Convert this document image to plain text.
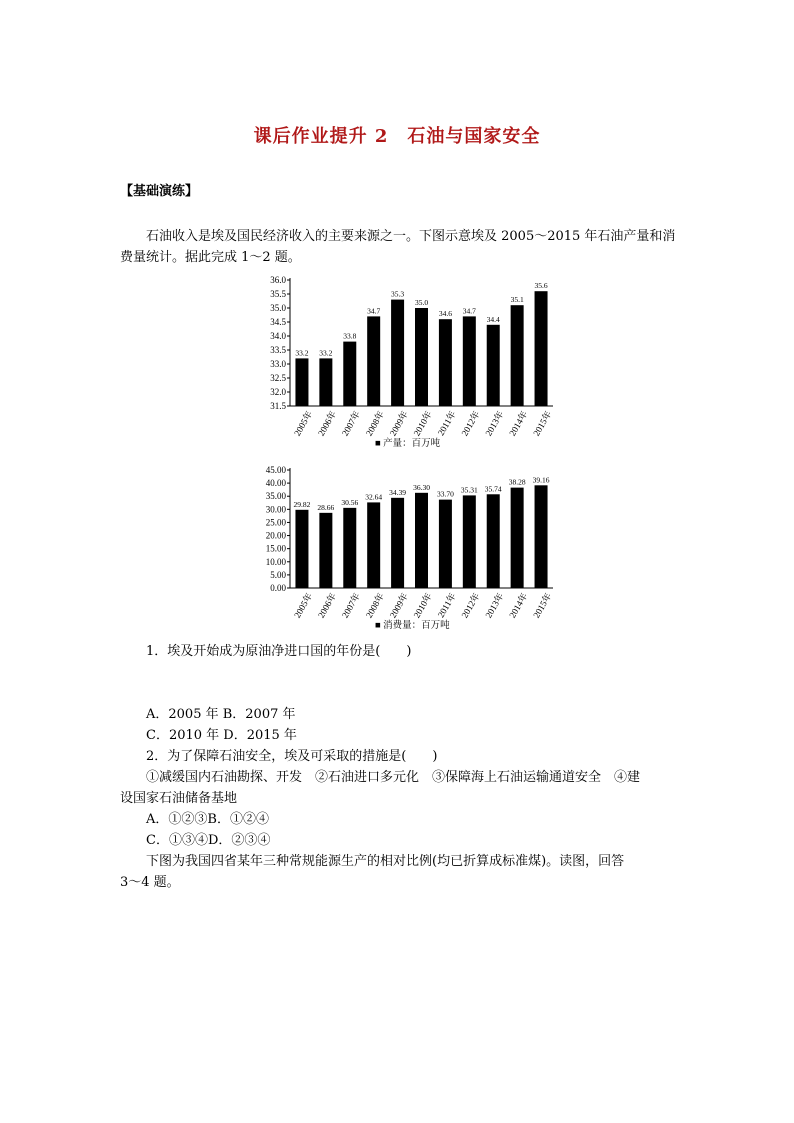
课后作业提升 2　石油与国家安全
【基础演练】
石油收入是埃及国民经济收入的主要来源之一。下图示意埃及 2005～2015 年石油产量和消费量统计。据此完成 1～2 题。
31.5
32.0
32.5
33.0
33.5
34.0
34.5
35.0
35.5
36.0
33.2
2005年
33.2
2006年
33.8
2007年
34.7
2008年
35.3
2009年
35.0
2010年
34.6
2011年
34.7
2012年
34.4
2013年
35.1
2014年
35.6
2015年
■ 产量：百万吨
0.00
5.00
10.00
15.00
20.00
25.00
30.00
35.00
40.00
45.00
29.82
2005年
28.66
2006年
30.56
2007年
32.64
2008年
34.39
2009年
36.30
2010年
33.70
2011年
35.31
2012年
35.74
2013年
38.28
2014年
39.16
2015年
■ 消费量：百万吨
1．埃及开始成为原油净进口国的年份是(　　)
A．2005 年 B．2007 年
C．2010 年 D．2015 年
2．为了保障石油安全，埃及可采取的措施是(　　)
①减缓国内石油勘探、开发　②石油进口多元化　③保障海上石油运输通道安全　④建
设国家石油储备基地
A．①②③B．①②④
C．①③④D．②③④
下图为我国四省某年三种常规能源生产的相对比例(均已折算成标准煤)。读图，回答
3～4 题。
